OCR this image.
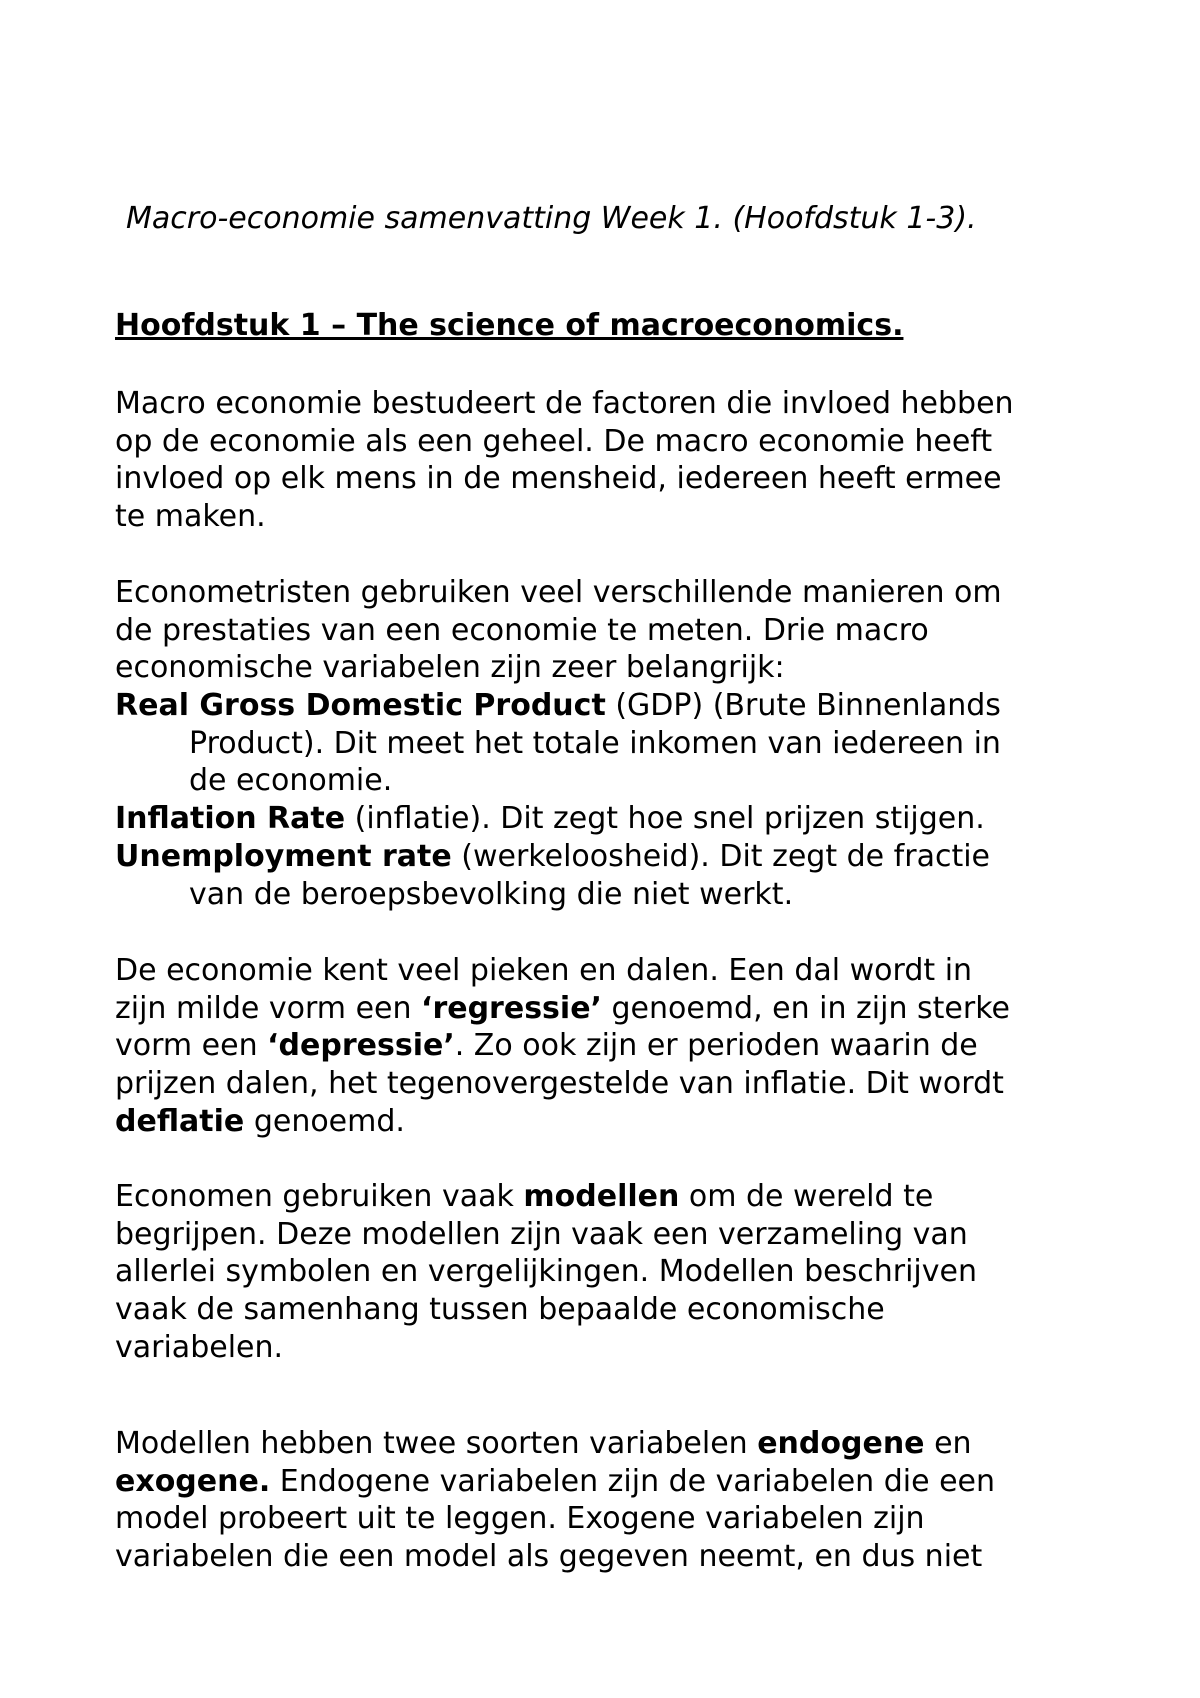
Macro-economie samenvatting Week 1. (Hoofdstuk 1-3).

Hoofdstuk 1 – The science of macroeconomics.

Macro economie bestudeert de factoren die invloed hebben
op de economie als een geheel. De macro economie heeft
invloed op elk mens in de mensheid, iedereen heeft ermee
te maken.

Econometristen gebruiken veel verschillende manieren om
de prestaties van een economie te meten. Drie macro
economische variabelen zijn zeer belangrijk:

Real Gross Domestic Product (GDP) (Brute Binnenlands
Product). Dit meet het totale inkomen van iedereen in
de economie.
Inflation Rate (inflatie). Dit zegt hoe snel prijzen stijgen.
Unemployment rate (werkeloosheid). Dit zegt de fractie
van de beroepsbevolking die niet werkt.

De economie kent veel pieken en dalen. Een dal wordt in
zijn milde vorm een ‘regressie’ genoemd, en in zijn sterke
vorm een ‘depressie’. Zo ook zijn er perioden waarin de
prijzen dalen, het tegenovergestelde van inflatie. Dit wordt
deflatie genoemd.

Economen gebruiken vaak modellen om de wereld te
begrijpen. Deze modellen zijn vaak een verzameling van
allerlei symbolen en vergelijkingen. Modellen beschrijven
vaak de samenhang tussen bepaalde economische
variabelen.

Modellen hebben twee soorten variabelen endogene en
exogene. Endogene variabelen zijn de variabelen die een
model probeert uit te leggen. Exogene variabelen zijn
variabelen die een model als gegeven neemt, en dus niet
